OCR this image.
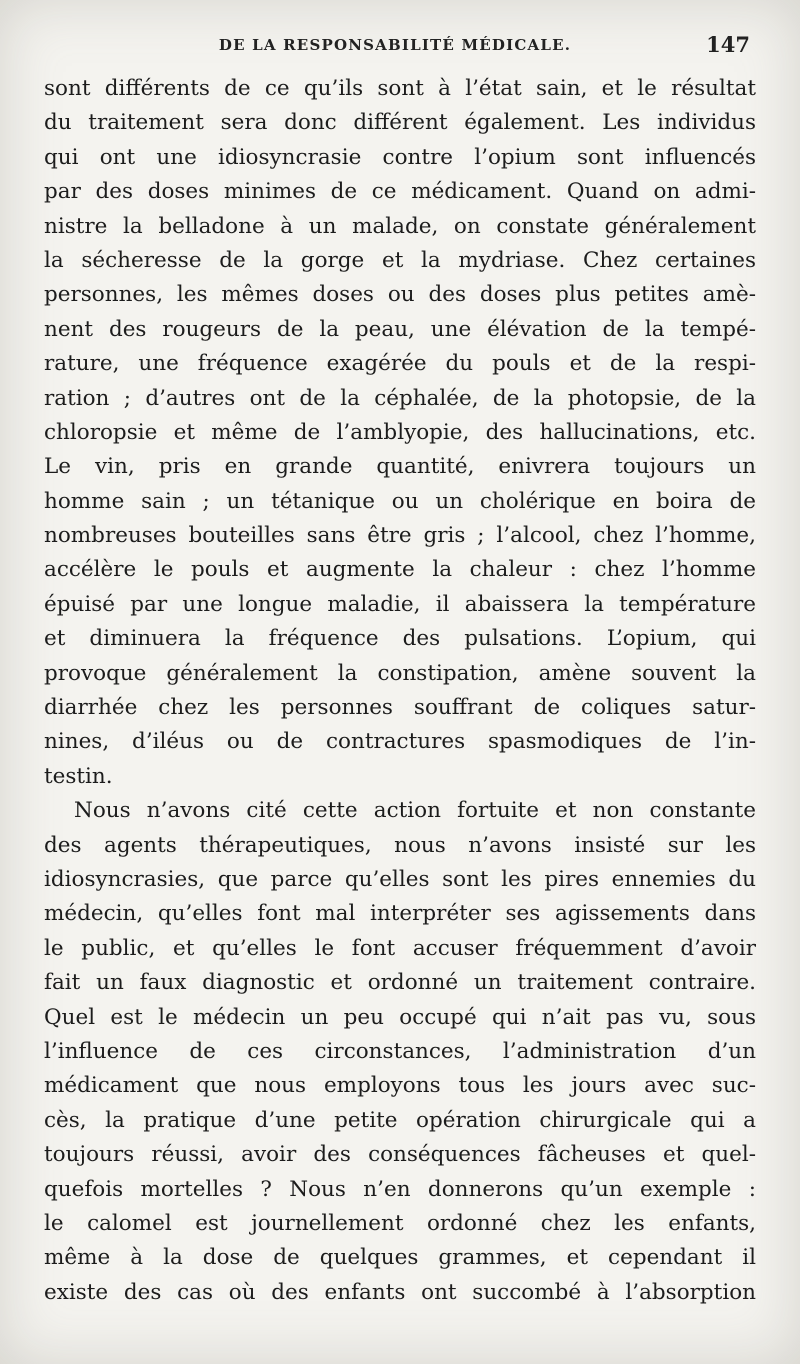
DE LA RESPONSABILITÉ MÉDICALE.	147
sont différents de ce qu’ils sont à l’état sain, et le résultat
du traitement sera donc différent également. Les individus
qui ont une idiosyncrasie contre l’opium sont influencés
par des doses minimes de ce médicament. Quand on admi-
nistre la belladone à un malade, on constate généralement
la sécheresse de la gorge et la mydriase. Chez certaines
personnes, les mêmes doses ou des doses plus petites amè-
nent des rougeurs de la peau, une élévation de la tempé-
rature, une fréquence exagérée du pouls et de la respi-
ration ; d’autres ont de la céphalée, de la photopsie, de la
chloropsie et même de l’amblyopie, des hallucinations, etc.
Le vin, pris en grande quantité, enivrera toujours un
homme sain ; un tétanique ou un cholérique en boira de
nombreuses bouteilles sans être gris ; l’alcool, chez l’homme,
accélère le pouls et augmente la chaleur : chez l’homme
épuisé par une longue maladie, il abaissera la température
et diminuera la fréquence des pulsations. L’opium, qui
provoque généralement la constipation, amène souvent la
diarrhée chez les personnes souffrant de coliques satur-
nines, d’iléus ou de contractures spasmodiques de l’in-
testin.
Nous n’avons cité cette action fortuite et non constante
des agents thérapeutiques, nous n’avons insisté sur les
idiosyncrasies, que parce qu’elles sont les pires ennemies du
médecin, qu’elles font mal interpréter ses agissements dans
le public, et qu’elles le font accuser fréquemment d’avoir
fait un faux diagnostic et ordonné un traitement contraire.
Quel est le médecin un peu occupé qui n’ait pas vu, sous
l’influence de ces circonstances, l’administration d’un
médicament que nous employons tous les jours avec suc-
cès, la pratique d’une petite opération chirurgicale qui a
toujours réussi, avoir des conséquences fâcheuses et quel-
quefois mortelles ? Nous n’en donnerons qu’un exemple :
le calomel est journellement ordonné chez les enfants,
même à la dose de quelques grammes, et cependant il
existe des cas où des enfants ont succombé à l’absorption
